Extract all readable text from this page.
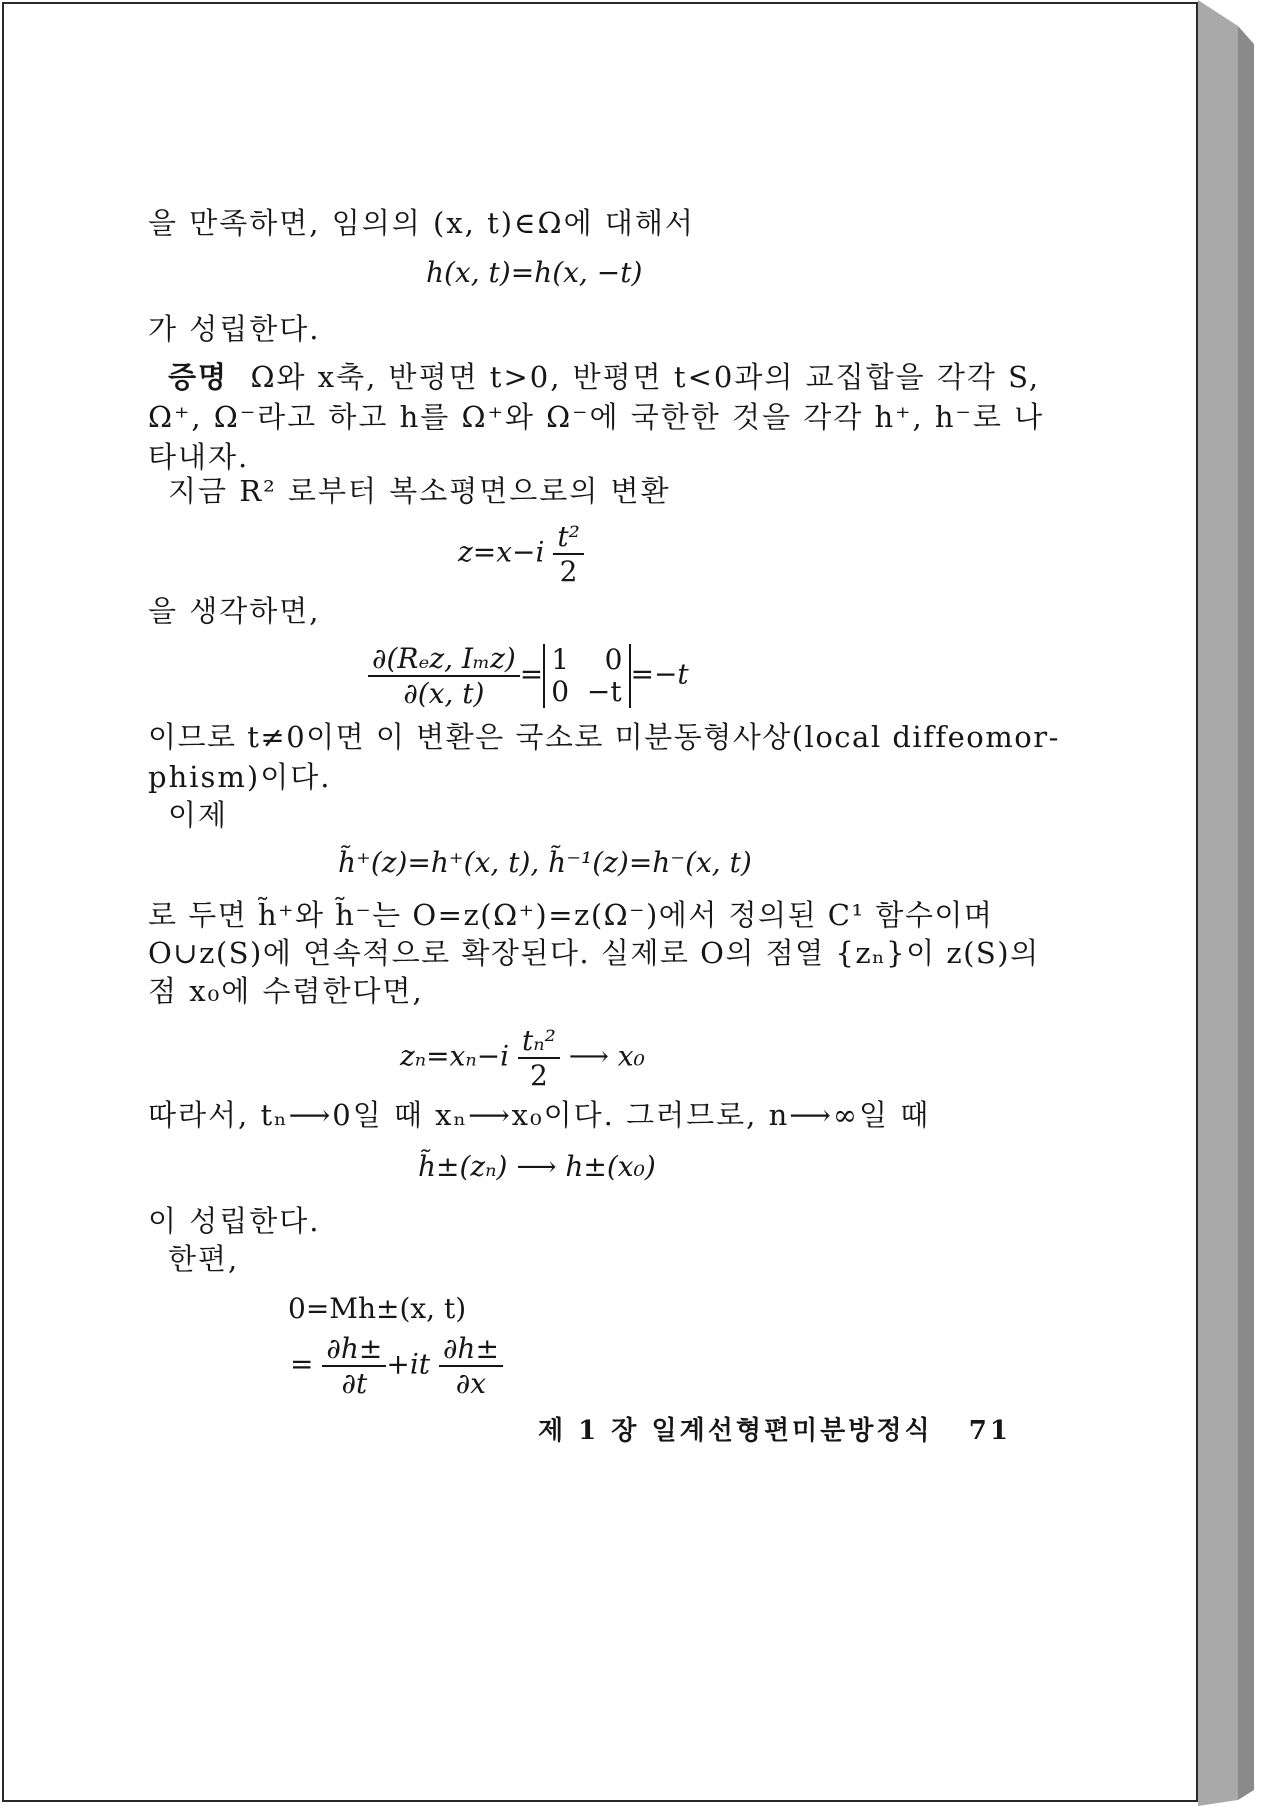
을 만족하면, 임의의 (x, t)∈Ω에 대해서
h(x, t)=h(x, −t)
가 성립한다.
증명 Ω와 x축, 반평면 t>0, 반평면 t<0과의 교집합을 각각 S,
Ω⁺, Ω⁻라고 하고 h를 Ω⁺와 Ω⁻에 국한한 것을 각각 h⁺, h⁻로 나
타내자.
지금 R² 로부터 복소평면으로의 변환
$z=x-i \frac{\text{t²}}{2}$
을 생각하면,
$\frac{\text{∂(Rₑz, Iₘz)}}{\partial(x, t)} = 1$    0
0  −t
=−t
이므로 t≠0이면 이 변환은 국소로 미분동형사상(local diffeomor-
phism)이다.
이제
h̃⁺(z)=h⁺(x, t), h̃⁻¹(z)=h⁻(x, t)
로 두면 h̃⁺와 h̃⁻는 O=z(Ω⁺)=z(Ω⁻)에서 정의된 C¹ 함수이며
O∪z(S)에 연속적으로 확장된다. 실제로 O의 점열 {zₙ}이 z(S)의
점 x₀에 수렴한다면,
$z_n=x_n-i \frac{\text{tₙ²}}{2}$ ⟶ x₀
따라서, tₙ⟶0일 때 xₙ⟶x₀이다. 그러므로, n⟶∞일 때
h̃±(zₙ) ⟶ h±(x₀)
이 성립한다.
한편,
0=Mh±(x, t)
= $\frac{\partial h\pm}{\partial t} +it \frac{\partial h\pm}{\partial x}$
제 1 장 일계선형편미분방정식 71
